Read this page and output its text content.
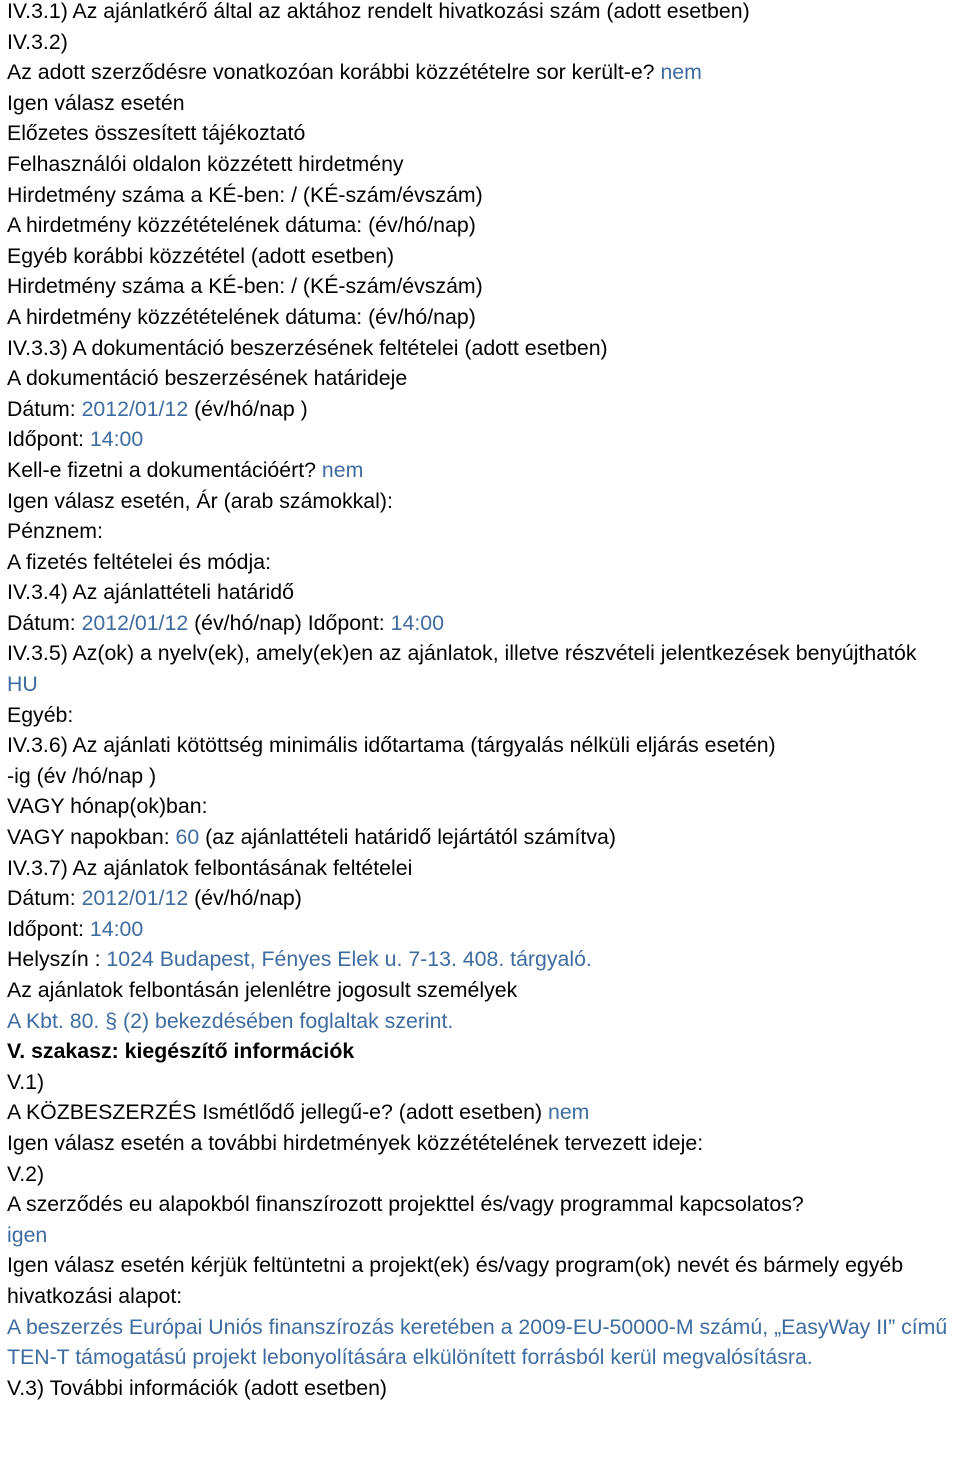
IV.3.1) Az ajánlatkérő által az aktához rendelt hivatkozási szám (adott esetben)

IV.3.2)

Az adott szerződésre vonatkozóan korábbi közzétételre sor került-e? nem

Igen válasz esetén

Előzetes összesített tájékoztató

Felhasználói oldalon közzétett hirdetmény

Hirdetmény száma a KÉ-ben: / (KÉ-szám/évszám)

A hirdetmény közzétételének dátuma: (év/hó/nap)

Egyéb korábbi közzététel (adott esetben)

Hirdetmény száma a KÉ-ben: / (KÉ-szám/évszám)

A hirdetmény közzétételének dátuma: (év/hó/nap)

IV.3.3) A dokumentáció beszerzésének feltételei (adott esetben)

A dokumentáció beszerzésének határideje

Dátum: 2012/01/12 (év/hó/nap )

Időpont: 14:00

Kell-e fizetni a dokumentációért? nem

Igen válasz esetén, Ár (arab számokkal):

Pénznem:

A fizetés feltételei és módja:

IV.3.4) Az ajánlattételi határidő

Dátum: 2012/01/12 (év/hó/nap) Időpont: 14:00

IV.3.5) Az(ok) a nyelv(ek), amely(ek)en az ajánlatok, illetve részvételi jelentkezések benyújthatók

HU

Egyéb:

IV.3.6) Az ajánlati kötöttség minimális időtartama (tárgyalás nélküli eljárás esetén)

-ig (év /hó/nap )

VAGY hónap(ok)ban:

VAGY napokban: 60 (az ajánlattételi határidő lejártától számítva)

IV.3.7) Az ajánlatok felbontásának feltételei

Dátum: 2012/01/12 (év/hó/nap)

Időpont: 14:00

Helyszín : 1024 Budapest, Fényes Elek u. 7-13. 408. tárgyaló.

Az ajánlatok felbontásán jelenlétre jogosult személyek

A Kbt. 80. § (2) bekezdésében foglaltak szerint.

V. szakasz: kiegészítő információk

V.1)

A KÖZBESZERZÉS Ismétlődő jellegű-e? (adott esetben) nem

Igen válasz esetén a további hirdetmények közzétételének tervezett ideje:

V.2)

A szerződés eu alapokból finanszírozott projekttel és/vagy programmal kapcsolatos?

igen

Igen válasz esetén kérjük feltüntetni a projekt(ek) és/vagy program(ok) nevét és bármely egyéb hivatkozási alapot:

A beszerzés Európai Uniós finanszírozás keretében a 2009-EU-50000-M számú, „EasyWay II” című TEN-T támogatású projekt lebonyolítására elkülönített forrásból kerül megvalósításra.

V.3) További információk (adott esetben)
